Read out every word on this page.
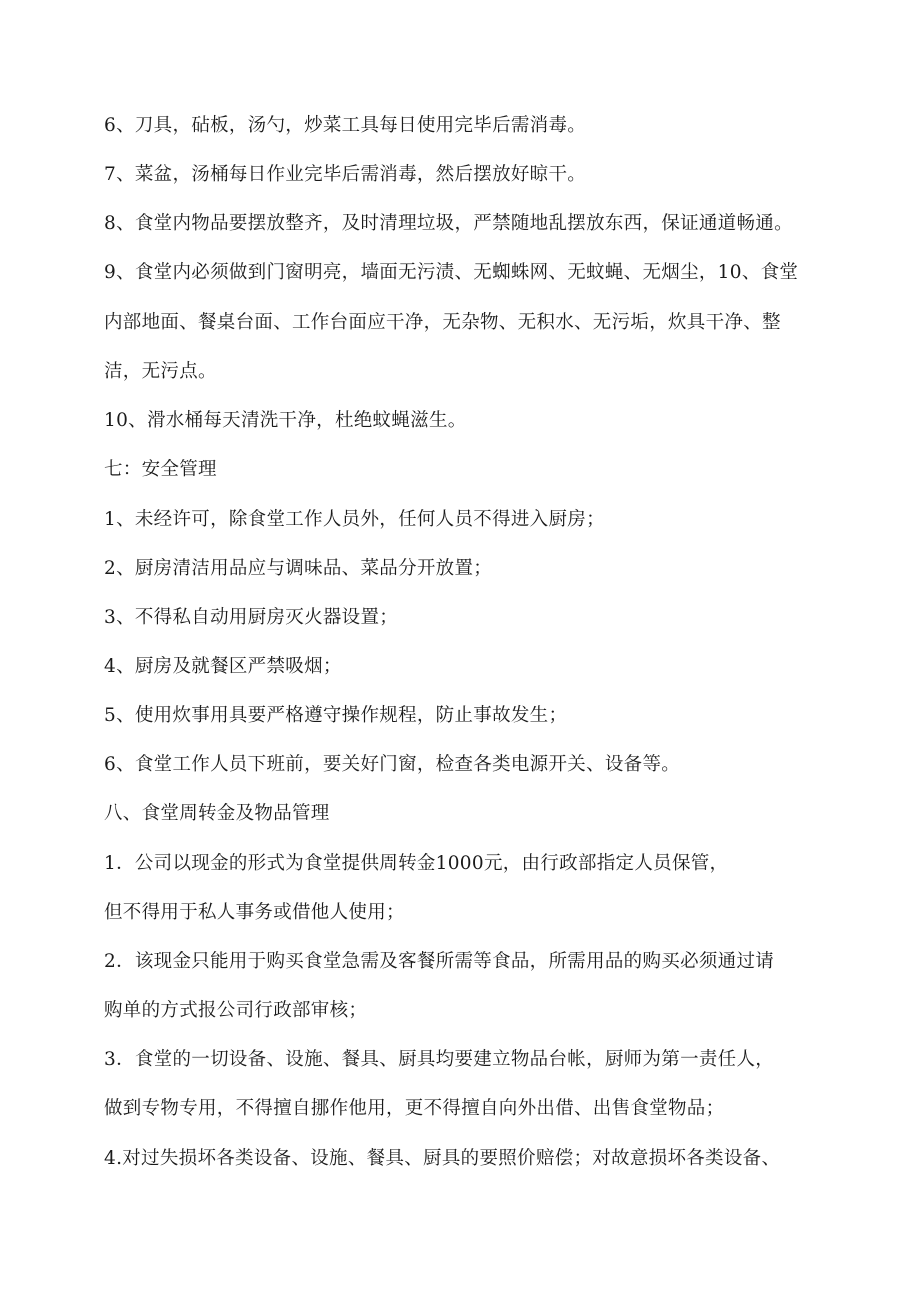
6、刀具，砧板，汤勺，炒菜工具每日使用完毕后需消毒。
7、菜盆，汤桶每日作业完毕后需消毒，然后摆放好晾干。
8、食堂内物品要摆放整齐，及时清理垃圾，严禁随地乱摆放东西，保证通道畅通。
9、食堂内必须做到门窗明亮，墙面无污渍、无蜘蛛网、无蚊蝇、无烟尘，10、食堂
内部地面、餐桌台面、工作台面应干净，无杂物、无积水、无污垢，炊具干净、整
洁，无污点。
10、滑水桶每天清洗干净，杜绝蚊蝇滋生。
七：安全管理
1、未经许可，除食堂工作人员外，任何人员不得进入厨房；
2、厨房清洁用品应与调味品、菜品分开放置；
3、不得私自动用厨房灭火器设置；
4、厨房及就餐区严禁吸烟；
5、使用炊事用具要严格遵守操作规程，防止事故发生；
6、食堂工作人员下班前，要关好门窗，检查各类电源开关、设备等。
八、食堂周转金及物品管理
1．公司以现金的形式为食堂提供周转金1000元，由行政部指定人员保管，
但不得用于私人事务或借他人使用；
2．该现金只能用于购买食堂急需及客餐所需等食品，所需用品的购买必须通过请
购单的方式报公司行政部审核；
3．食堂的一切设备、设施、餐具、厨具均要建立物品台帐，厨师为第一责任人，
做到专物专用，不得擅自挪作他用，更不得擅自向外出借、出售食堂物品；
4.对过失损坏各类设备、设施、餐具、厨具的要照价赔偿；对故意损坏各类设备、
